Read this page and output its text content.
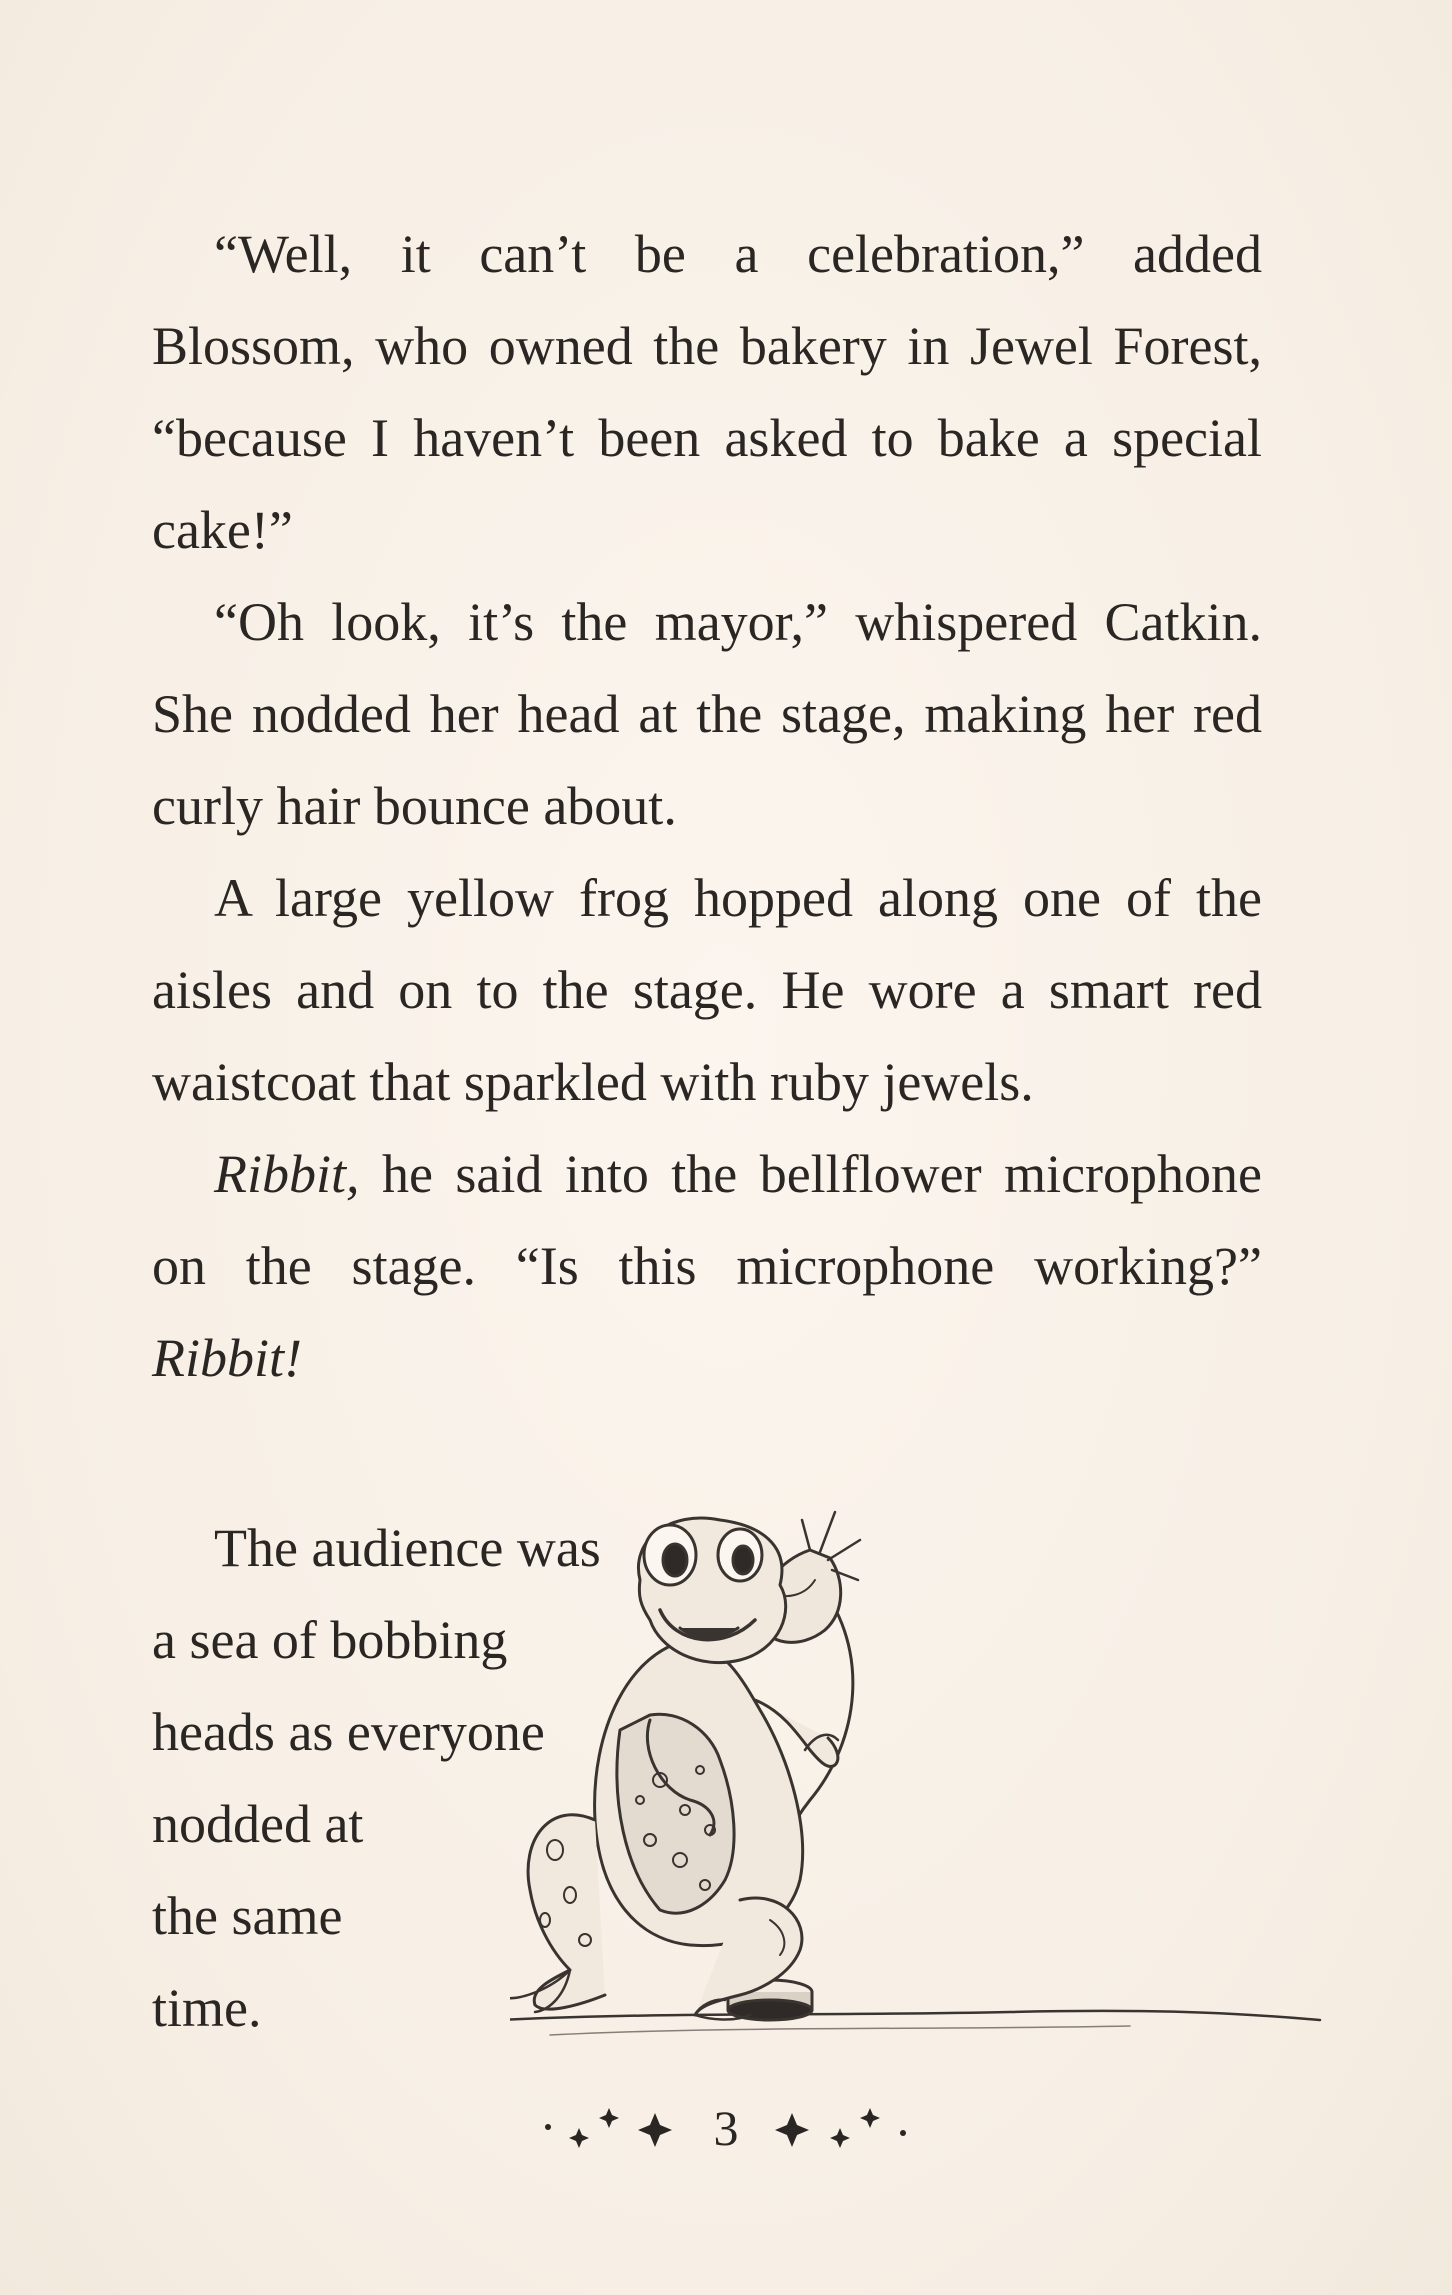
“Well, it can’t be a celebration,” added Blossom, who owned the bakery in Jewel Forest, “because I haven’t been asked to bake a special cake!”

“Oh look, it’s the mayor,” whispered Catkin. She nodded her head at the stage, making her red curly hair bounce about.

A large yellow frog hopped along one of the aisles and on to the stage. He wore a smart red waistcoat that sparkled with ruby jewels.

Ribbit, he said into the bellflower microphone on the stage. “Is this microphone working?” Ribbit!

The audience was
a sea of bobbing
heads as everyone
nodded at
the same
time.
3
